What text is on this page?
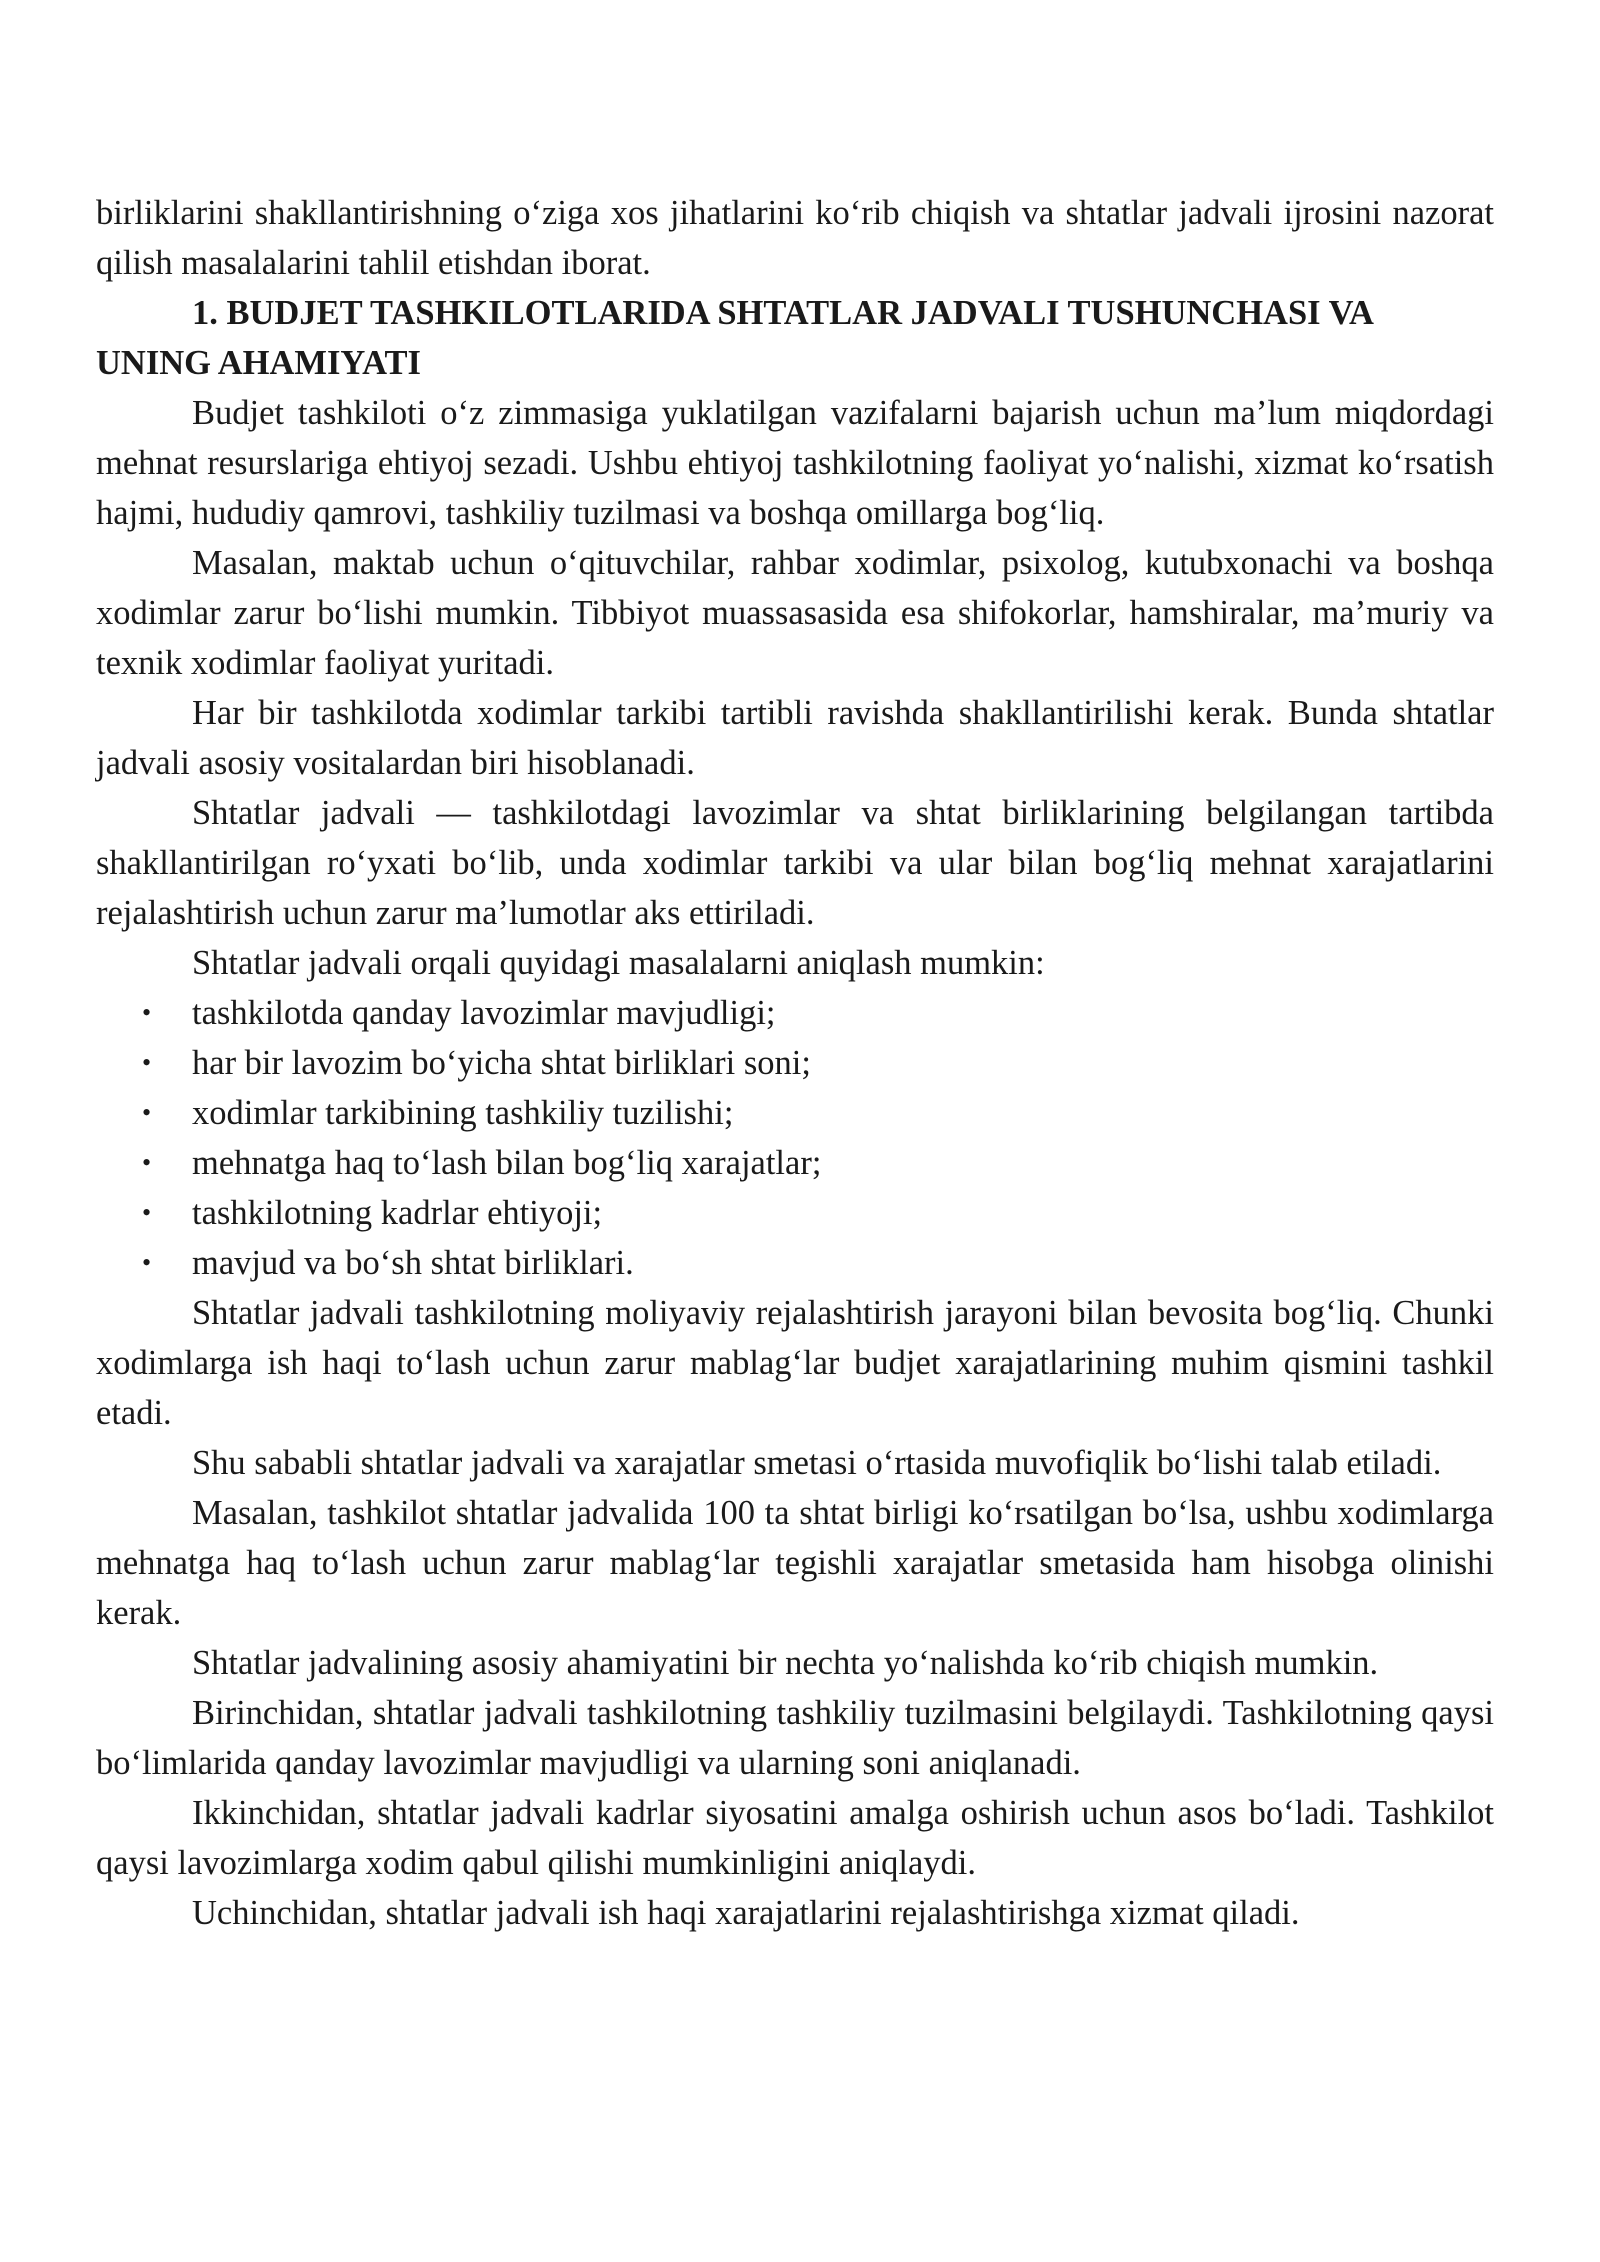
birliklarini shakllantirishning o‘ziga xos jihatlarini ko‘rib chiqish va shtatlar jadvali ijrosini nazorat qilish masalalarini tahlil etishdan iborat.

1. BUDJET TASHKILOTLARIDA SHTATLAR JADVALI TUSHUNCHASI VA UNING AHAMIYATI

Budjet tashkiloti o‘z zimmasiga yuklatilgan vazifalarni bajarish uchun ma’lum miqdordagi mehnat resurslariga ehtiyoj sezadi. Ushbu ehtiyoj tashkilotning faoliyat yo‘nalishi, xizmat ko‘rsatish hajmi, hududiy qamrovi, tashkiliy tuzilmasi va boshqa omillarga bog‘liq.

Masalan, maktab uchun o‘qituvchilar, rahbar xodimlar, psixolog, kutubxonachi va boshqa xodimlar zarur bo‘lishi mumkin. Tibbiyot muassasasida esa shifokorlar, hamshiralar, ma’muriy va texnik xodimlar faoliyat yuritadi.

Har bir tashkilotda xodimlar tarkibi tartibli ravishda shakllantirilishi kerak. Bunda shtatlar jadvali asosiy vositalardan biri hisoblanadi.

Shtatlar jadvali — tashkilotdagi lavozimlar va shtat birliklarining belgilangan tartibda shakllantirilgan ro‘yxati bo‘lib, unda xodimlar tarkibi va ular bilan bog‘liq mehnat xarajatlarini rejalashtirish uchun zarur ma’lumotlar aks ettiriladi.

Shtatlar jadvali orqali quyidagi masalalarni aniqlash mumkin:

• tashkilotda qanday lavozimlar mavjudligi;
• har bir lavozim bo‘yicha shtat birliklari soni;
• xodimlar tarkibining tashkiliy tuzilishi;
• mehnatga haq to‘lash bilan bog‘liq xarajatlar;
• tashkilotning kadrlar ehtiyoji;
• mavjud va bo‘sh shtat birliklari.

Shtatlar jadvali tashkilotning moliyaviy rejalashtirish jarayoni bilan bevosita bog‘liq. Chunki xodimlarga ish haqi to‘lash uchun zarur mablag‘lar budjet xarajatlarining muhim qismini tashkil etadi.

Shu sababli shtatlar jadvali va xarajatlar smetasi o‘rtasida muvofiqlik bo‘lishi talab etiladi.

Masalan, tashkilot shtatlar jadvalida 100 ta shtat birligi ko‘rsatilgan bo‘lsa, ushbu xodimlarga mehnatga haq to‘lash uchun zarur mablag‘lar tegishli xarajatlar smetasida ham hisobga olinishi kerak.

Shtatlar jadvalining asosiy ahamiyatini bir nechta yo‘nalishda ko‘rib chiqish mumkin.

Birinchidan, shtatlar jadvali tashkilotning tashkiliy tuzilmasini belgilaydi. Tashkilotning qaysi bo‘limlarida qanday lavozimlar mavjudligi va ularning soni aniqlanadi.

Ikkinchidan, shtatlar jadvali kadrlar siyosatini amalga oshirish uchun asos bo‘ladi. Tashkilot qaysi lavozimlarga xodim qabul qilishi mumkinligini aniqlaydi.

Uchinchidan, shtatlar jadvali ish haqi xarajatlarini rejalashtirishga xizmat qiladi.
